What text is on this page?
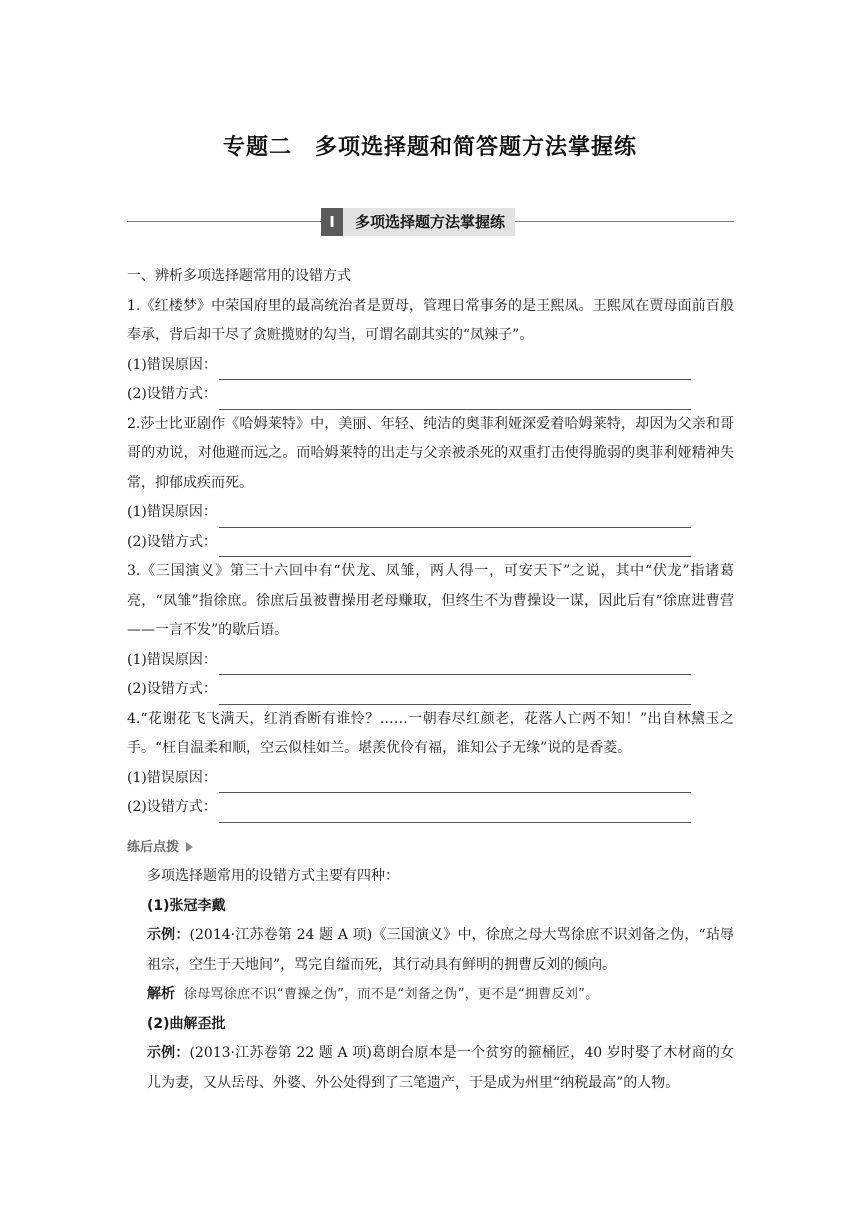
专题二　多项选择题和简答题方法掌握练
I	多项选择题方法掌握练
一、辨析多项选择题常用的设错方式
1.《红楼梦》中荣国府里的最高统治者是贾母，管理日常事务的是王熙凤。王熙凤在贾母面前百般奉承，背后却干尽了贪赃揽财的勾当，可谓名副其实的“凤辣子”。
(1)错误原因：
(2)设错方式：
2.莎士比亚剧作《哈姆莱特》中，美丽、年轻、纯洁的奥菲利娅深爱着哈姆莱特，却因为父亲和哥哥的劝说，对他避而远之。而哈姆莱特的出走与父亲被杀死的双重打击使得脆弱的奥菲利娅精神失常，抑郁成疾而死。
(1)错误原因：
(2)设错方式：
3.《三国演义》第三十六回中有“伏龙、凤雏，两人得一，可安天下”之说，其中“伏龙”指诸葛亮，“凤雏”指徐庶。徐庶后虽被曹操用老母赚取，但终生不为曹操设一谋，因此后有“徐庶进曹营——一言不发”的歇后语。
(1)错误原因：
(2)设错方式：
4.“花谢花飞飞满天，红消香断有谁怜？……一朝春尽红颜老，花落人亡两不知！”出自林黛玉之手。“枉自温柔和顺，空云似桂如兰。堪羡优伶有福，谁知公子无缘”说的是香菱。
(1)错误原因：
(2)设错方式：
练后点拨
多项选择题常用的设错方式主要有四种：
(1)张冠李戴
示例：(2014·江苏卷第 24 题 A 项)《三国演义》中，徐庶之母大骂徐庶不识刘备之伪，“玷辱祖宗，空生于天地间”，骂完自缢而死，其行动具有鲜明的拥曹反刘的倾向。
解析 徐母骂徐庶不识“曹操之伪”，而不是“刘备之伪”，更不是“拥曹反刘”。
(2)曲解歪批
示例：(2013·江苏卷第 22 题 A 项)葛朗台原本是一个贫穷的箍桶匠，40 岁时娶了木材商的女儿为妻，又从岳母、外婆、外公处得到了三笔遗产，于是成为州里“纳税最高”的人物。
